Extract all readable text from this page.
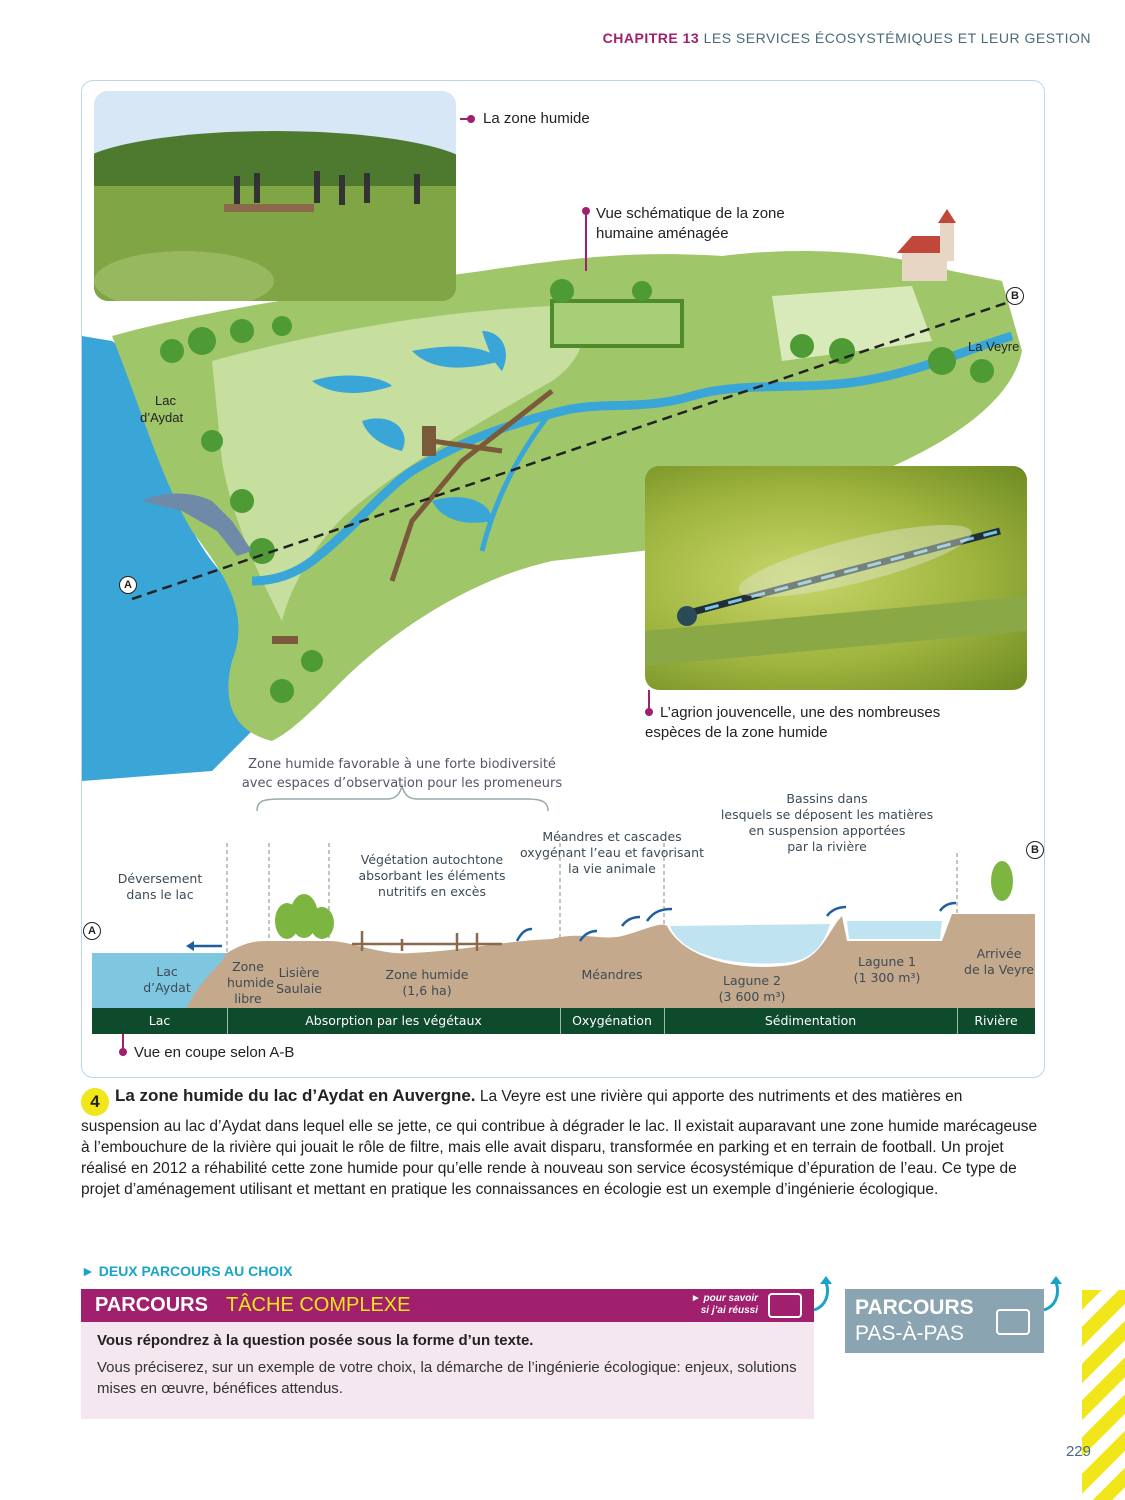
CHAPITRE 13 LES SERVICES ÉCOSYSTÉMIQUES ET LEUR GESTION
La zone humide
Vue schématique de la zone
humaine aménagée
L’agrion jouvencelle, une des nombreuses
espèces de la zone humide
Lac
d’Aydat
La Veyre
B
A
Zone humide favorable à une forte biodiversité
avec espaces d’observation pour les promeneurs
Déversement
dans le lac
Végétation autochtone
absorbant les éléments
nutritifs en excès
Méandres et cascades
oxygénant l’eau et favorisant
la vie animale
Bassins dans
lesquels se déposent les matières
en suspension apportées
par la rivière	B
A
Lac
d’Aydat
Zone
humide
libre
Lisière
Saulaie
Zone humide
(1,6 ha)
Méandres	Lagune 2
(3 600 m³)
Lagune 1
(1 300 m³)
Arrivée
de la Veyre
Lac	Absorption par les végétaux	Oxygénation	Sédimentation	Rivière
Vue en coupe selon A-B
4 La zone humide du lac d’Aydat en Auvergne. La Veyre est une rivière qui apporte des nutriments et des matières en suspension au lac d’Aydat dans lequel elle se jette, ce qui contribue à dégrader le lac. Il existait auparavant une zone humide marécageuse à l’embouchure de la rivière qui jouait le rôle de filtre, mais elle avait disparu, transformée en parking et en terrain de football. Un projet réalisé en 2012 a réhabilité cette zone humide pour qu’elle rende à nouveau son service écosystémique d’épuration de l’eau. Ce type de projet d’aménagement utilisant et mettant en pratique les connaissances en écologie est un exemple d’ingénierie écologique.
► DEUX PARCOURS AU CHOIX
PARCOURS TÂCHE COMPLEXE	► pour savoir
si j’ai réussi
Vous répondrez à la question posée sous la forme d’un texte.
Vous préciserez, sur un exemple de votre choix, la démarche de l’ingénierie écologique: enjeux, solutions mises en œuvre, bénéfices attendus.
PARCOURS
PAS-À-PAS
229
